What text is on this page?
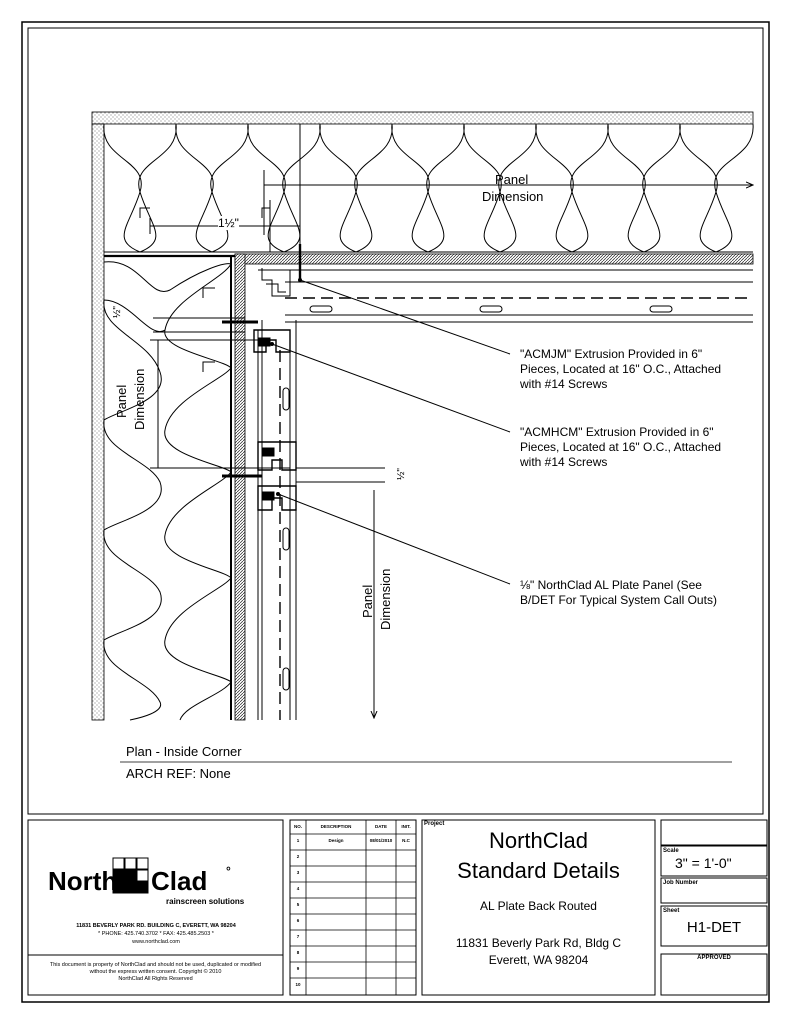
Panel
Dimension
1½"
½"
Panel Dimension
½"
Panel Dimension
"ACMJM" Extrusion Provided in 6"
Pieces, Located at 16" O.C., Attached
with #14 Screws
"ACMHCM" Extrusion Provided in 6"
Pieces, Located at 16" O.C., Attached
with #14 Screws
⅛" NorthClad AL Plate Panel (See
B/DET For Typical System Call Outs)
Plan - Inside Corner
ARCH REF: None
North Clad °
rainscreen solutions
11831 BEVERLY PARK RD. BUILDING C, EVERETT, WA 98204
* PHONE: 425.740.3702 * FAX: 425.485.2503 *
www.northclad.com
This document is property of NorthClad and should not be used, duplicated or modified
without the express written consent. Copyright © 2010
NorthClad All Rights Reserved
NO.	DESCRIPTION	DATE	INIT.
1	Design	08/01/2010	N.C
2
3
4
5
6
7
8
9
10
Project
NorthClad
Standard Details
AL Plate Back Routed
11831 Beverly Park Rd, Bldg C
Everett, WA 98204
Scale
3" = 1'-0"
Job Number
Sheet
H1-DET
APPROVED
